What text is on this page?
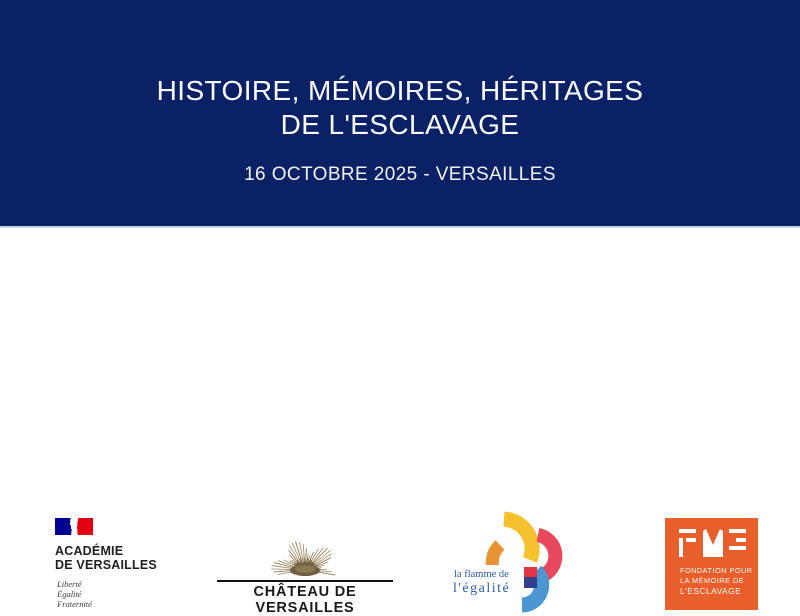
HISTOIRE, MÉMOIRES, HÉRITAGES
DE L'ESCLAVAGE

16 OCTOBRE 2025 - VERSAILLES

ACADÉMIE
DE VERSAILLES
Liberté
Égalité
Fraternité
CHÂTEAU DE VERSAILLES
la flamme de
l'égalité
FONDATION POUR
LA MÉMOIRE DE
L'ESCLAVAGE
